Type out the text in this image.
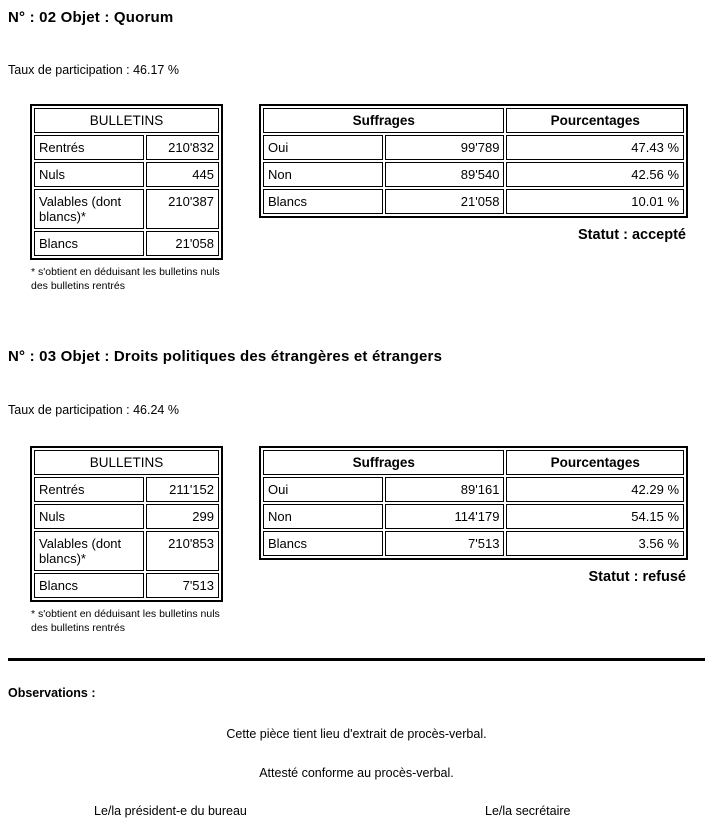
N° : 02 Objet : Quorum
Taux de participation : 46.17 %
BULLETINS	
Rentrés	210'832
Nuls	445
Valables (dont blancs)*	210'387
Blancs	21'058
* s'obtient en déduisant les bulletins nuls des bulletins rentrés
Suffrages		Pourcentages
Oui	99'789	47.43 %
Non	89'540	42.56 %
Blancs	21'058	10.01 %
Statut : accepté
N° : 03 Objet : Droits politiques des étrangères et étrangers
Taux de participation : 46.24 %
BULLETINS	
Rentrés	211'152
Nuls	299
Valables (dont blancs)*	210'853
Blancs	7'513
* s'obtient en déduisant les bulletins nuls des bulletins rentrés
Suffrages		Pourcentages
Oui	89'161	42.29 %
Non	114'179	54.15 %
Blancs	7'513	3.56 %
Statut : refusé
Observations :
Cette pièce tient lieu d'extrait de procès-verbal.
Attesté conforme au procès-verbal.
Le/la président-e du bureau	Le/la secrétaire
